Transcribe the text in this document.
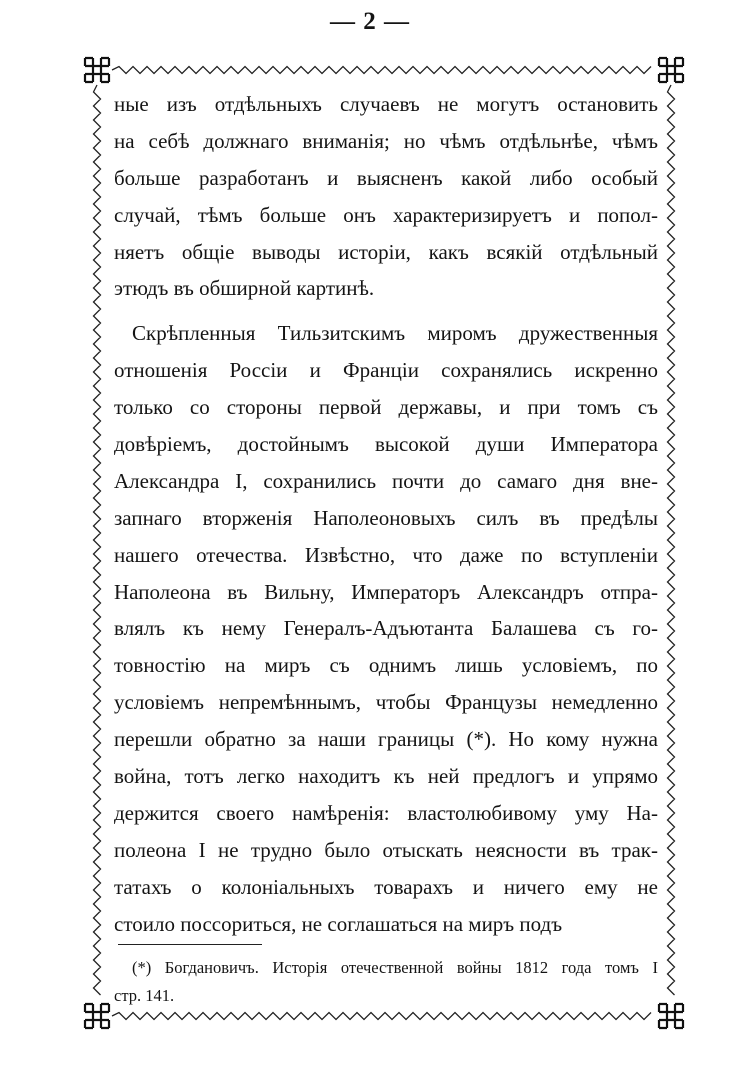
— 2 —
ные изъ отдѣльныхъ случаевъ не могутъ остановить
на себѣ должнаго вниманія; но чѣмъ отдѣльнѣе, чѣмъ
больше разработанъ и выясненъ какой либо особый
случай, тѣмъ больше онъ характеризируетъ и попол-
няетъ общіе выводы исторіи, какъ всякій отдѣльный
этюдъ въ обширной картинѣ.
Скрѣпленныя Тильзитскимъ миромъ дружественныя
отношенія Россіи и Франціи сохранялись искренно
только со стороны первой державы, и при томъ съ
довѣріемъ, достойнымъ высокой души Императора
Александра I, сохранились почти до самаго дня вне-
запнаго вторженія Наполеоновыхъ силъ въ предѣлы
нашего отечества. Извѣстно, что даже по вступленіи
Наполеона въ Вильну, Императоръ Александръ отпра-
влялъ къ нему Генералъ-Адъютанта Балашева съ го-
товностію на миръ съ однимъ лишь условіемъ, по
условіемъ непремѣннымъ, чтобы Французы немедленно
перешли обратно за наши границы (*). Но кому нужна
война, тотъ легко находитъ къ ней предлогъ и упрямо
держится своего намѣренія: властолюбивому уму На-
полеона I не трудно было отыскать неясности въ трак-
татахъ о колоніальныхъ товарахъ и ничего ему не
стоило поссориться, не соглашаться на миръ подъ
(*) Богдановичъ. Исторія отечественной войны 1812 года томъ I
стр. 141.
